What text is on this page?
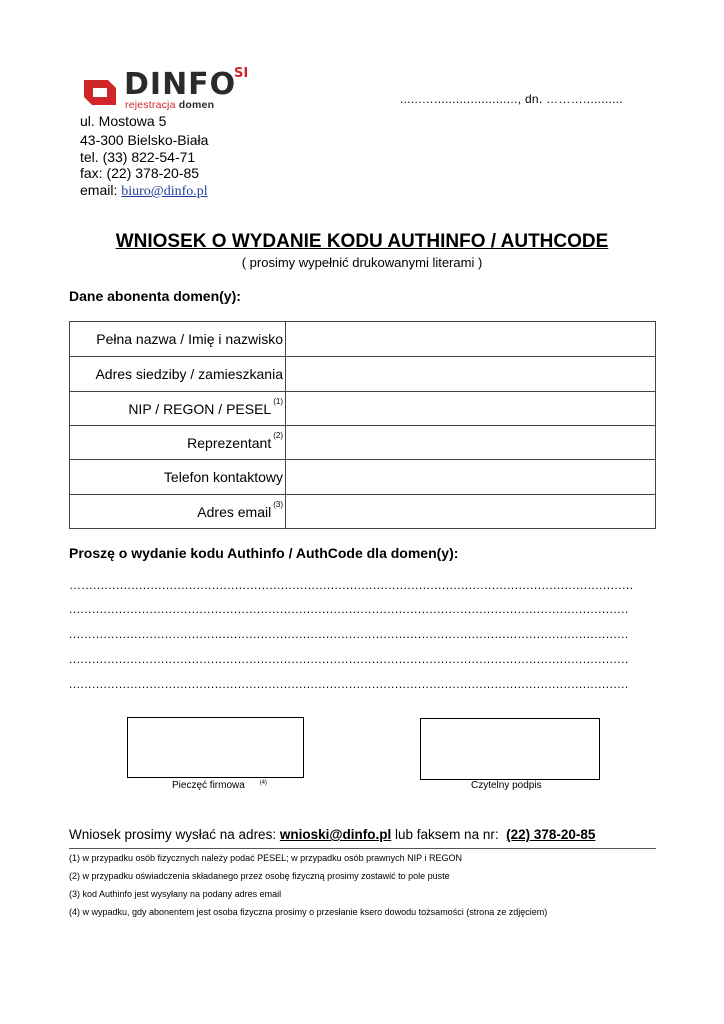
DINFO
SI
rejestracja domen	......…......................., dn. ………...........
ul. Mostowa 5
43-300 Bielsko-Biała
tel. (33) 822-54-71
fax: (22) 378-20-85
email: biuro@dinfo.pl
WNIOSEK O WYDANIE KODU AUTHINFO / AUTHCODE
( prosimy wypełnić drukowanymi literami )
Dane abonenta domen(y):
Pełna nazwa / Imię i nazwisko	
Adres siedziby / zamieszkania	
NIP / REGON / PESEL $^{(1)}$	
Reprezentant $^{(2)}$	
Telefon kontaktowy	
Adres email $^{(3)}$	
Proszę o wydanie kodu Authinfo / AuthCode dla domen(y):
…................................................................................................................................................
..................................................................................................................................................
..................................................................................................................................................
..................................................................................................................................................
..................................................................................................................................................
Pieczęć firmowa $^{(4)}$	Czytelny podpis
Wniosek prosimy wysłać na adres: wnioski@dinfo.pl lub faksem na nr: (22) 378-20-85
(1) w przypadku osób fizycznych należy podać PESEL; w przypadku osób prawnych NIP i REGON
(2) w przypadku oświadczenia składanego przez osobę fizyczną prosimy zostawić to pole puste
(3) kod Authinfo jest wysyłany na podany adres email
(4) w wypadku, gdy abonentem jest osoba fizyczna prosimy o przesłanie ksero dowodu tożsamości (strona ze zdjęciem)
